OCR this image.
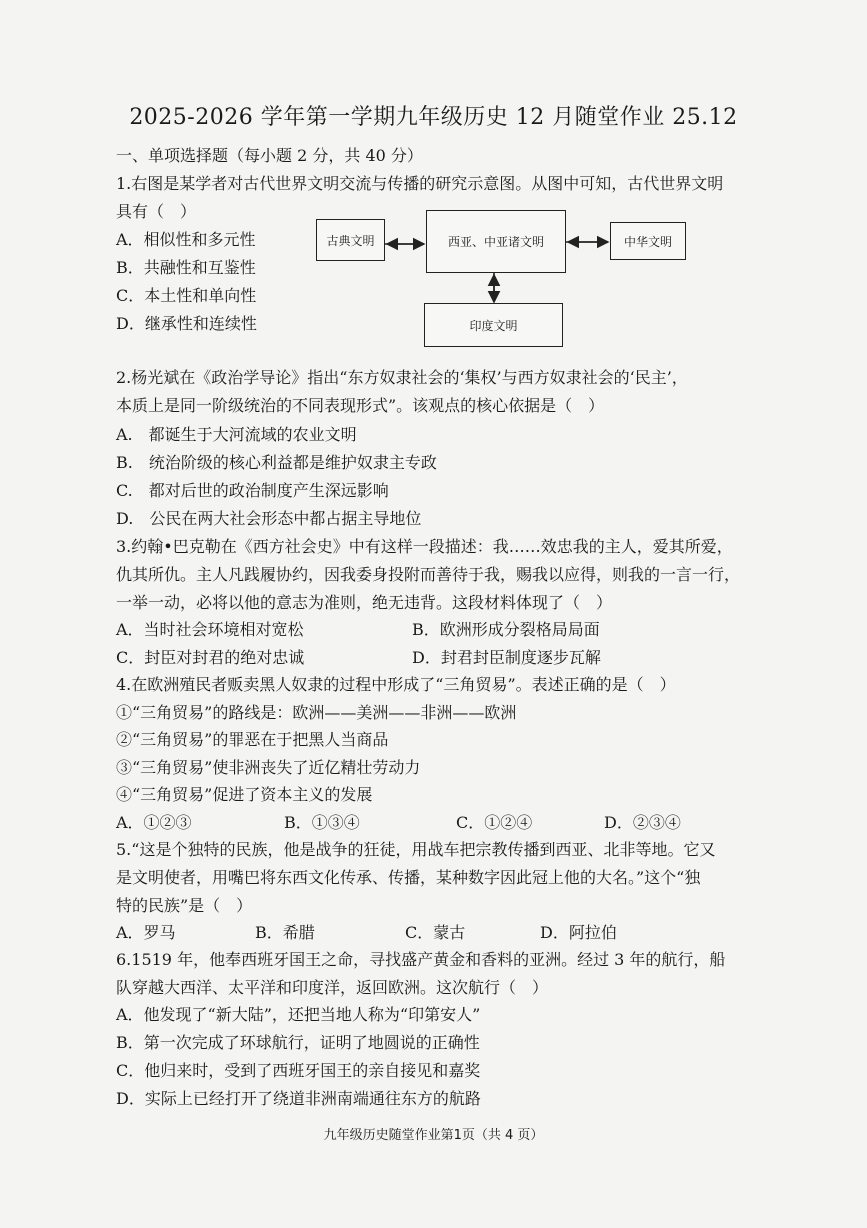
2025-2026 学年第一学期九年级历史 12 月随堂作业 25.12
一、单项选择题（每小题 2 分，共 40 分）
1.右图是某学者对古代世界文明交流与传播的研究示意图。从图中可知，古代世界文明
具有（　）
A．相似性和多元性
B．共融性和互鉴性
C．本土性和单向性
D．继承性和连续性
古典文明	西亚、中亚诸文明	中华文明
印度文明
2.杨光斌在《政治学导论》指出“东方奴隶社会的‘集权’与西方奴隶社会的‘民主’，
本质上是同一阶级统治的不同表现形式”。该观点的核心依据是（　）
A.　都诞生于大河流域的农业文明
B.　统治阶级的核心利益都是维护奴隶主专政
C.　都对后世的政治制度产生深远影响
D.　公民在两大社会形态中都占据主导地位
3.约翰•巴克勒在《西方社会史》中有这样一段描述：我……效忠我的主人，爱其所爱，
仇其所仇。主人凡践履协约，因我委身投附而善待于我，赐我以应得，则我的一言一行，
一举一动，必将以他的意志为准则，绝无违背。这段材料体现了（　）
A．当时社会环境相对宽松	B．欧洲形成分裂格局局面
C．封臣对封君的绝对忠诚	D．封君封臣制度逐步瓦解
4.在欧洲殖民者贩卖黑人奴隶的过程中形成了“三角贸易”。表述正确的是（　）
①“三角贸易”的路线是：欧洲——美洲——非洲——欧洲
②“三角贸易”的罪恶在于把黑人当商品
③“三角贸易”使非洲丧失了近亿精壮劳动力
④“三角贸易”促进了资本主义的发展
A．①②③	B．①③④	C．①②④	D．②③④
5.“这是个独特的民族，他是战争的狂徒，用战车把宗教传播到西亚、北非等地。它又
是文明使者，用嘴巴将东西文化传承、传播，某种数字因此冠上他的大名。”这个“独
特的民族”是（　）
A．罗马	B．希腊	C．蒙古	D．阿拉伯
6.1519 年，他奉西班牙国王之命，寻找盛产黄金和香料的亚洲。经过 3 年的航行，船
队穿越大西洋、太平洋和印度洋，返回欧洲。这次航行（　）
A．他发现了“新大陆”，还把当地人称为“印第安人”
B．第一次完成了环球航行，证明了地圆说的正确性
C．他归来时，受到了西班牙国王的亲自接见和嘉奖
D．实际上已经打开了绕道非洲南端通往东方的航路
九年级历史随堂作业第1页（共 4 页）
